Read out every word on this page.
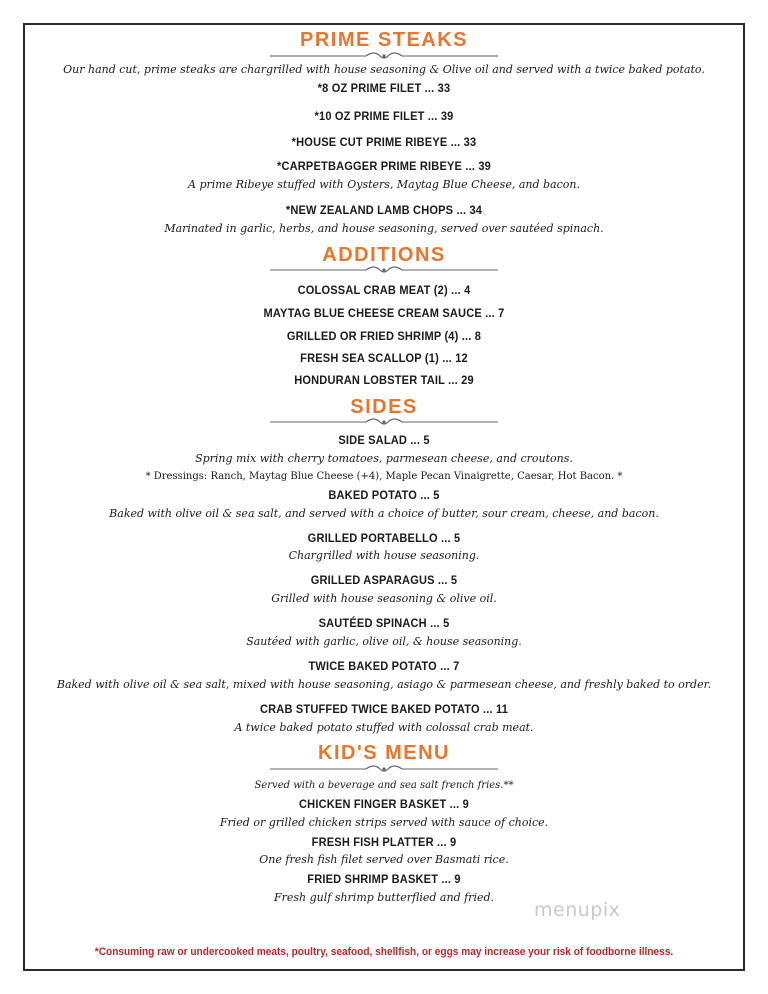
PRIME STEAKS
Our hand cut, prime steaks are chargrilled with house seasoning & Olive oil and served with a twice baked potato.
*8 OZ PRIME FILET ... 33
*10 OZ PRIME FILET ... 39
*HOUSE CUT PRIME RIBEYE ... 33
*CARPETBAGGER PRIME RIBEYE ... 39
A prime Ribeye stuffed with Oysters, Maytag Blue Cheese, and bacon.
*NEW ZEALAND LAMB CHOPS ... 34
Marinated in garlic, herbs, and house seasoning, served over sautéed spinach.
ADDITIONS
COLOSSAL CRAB MEAT (2) ... 4
MAYTAG BLUE CHEESE CREAM SAUCE ... 7
GRILLED OR FRIED SHRIMP (4) ... 8
FRESH SEA SCALLOP (1) ... 12
HONDURAN LOBSTER TAIL ... 29
SIDES
SIDE SALAD ... 5
Spring mix with cherry tomatoes, parmesean cheese, and croutons.
* Dressings: Ranch, Maytag Blue Cheese (+4), Maple Pecan Vinaigrette, Caesar, Hot Bacon. *
BAKED POTATO ... 5
Baked with olive oil & sea salt, and served with a choice of butter, sour cream, cheese, and bacon.
GRILLED PORTABELLO ... 5
Chargrilled with house seasoning.
GRILLED ASPARAGUS ... 5
Grilled with house seasoning & olive oil.
SAUTÉED SPINACH ... 5
Sautéed with garlic, olive oil, & house seasoning.
TWICE BAKED POTATO ... 7
Baked with olive oil & sea salt, mixed with house seasoning, asiago & parmesean cheese, and freshly baked to order.
CRAB STUFFED TWICE BAKED POTATO ... 11
A twice baked potato stuffed with colossal crab meat.
KID'S MENU
Served with a beverage and sea salt french fries.**
CHICKEN FINGER BASKET ... 9
Fried or grilled chicken strips served with sauce of choice.
FRESH FISH PLATTER ... 9
One fresh fish filet served over Basmati rice.
FRIED SHRIMP BASKET ... 9
Fresh gulf shrimp butterflied and fried.
menupix
*Consuming raw or undercooked meats, poultry, seafood, shellfish, or eggs may increase your risk of foodborne illness.
